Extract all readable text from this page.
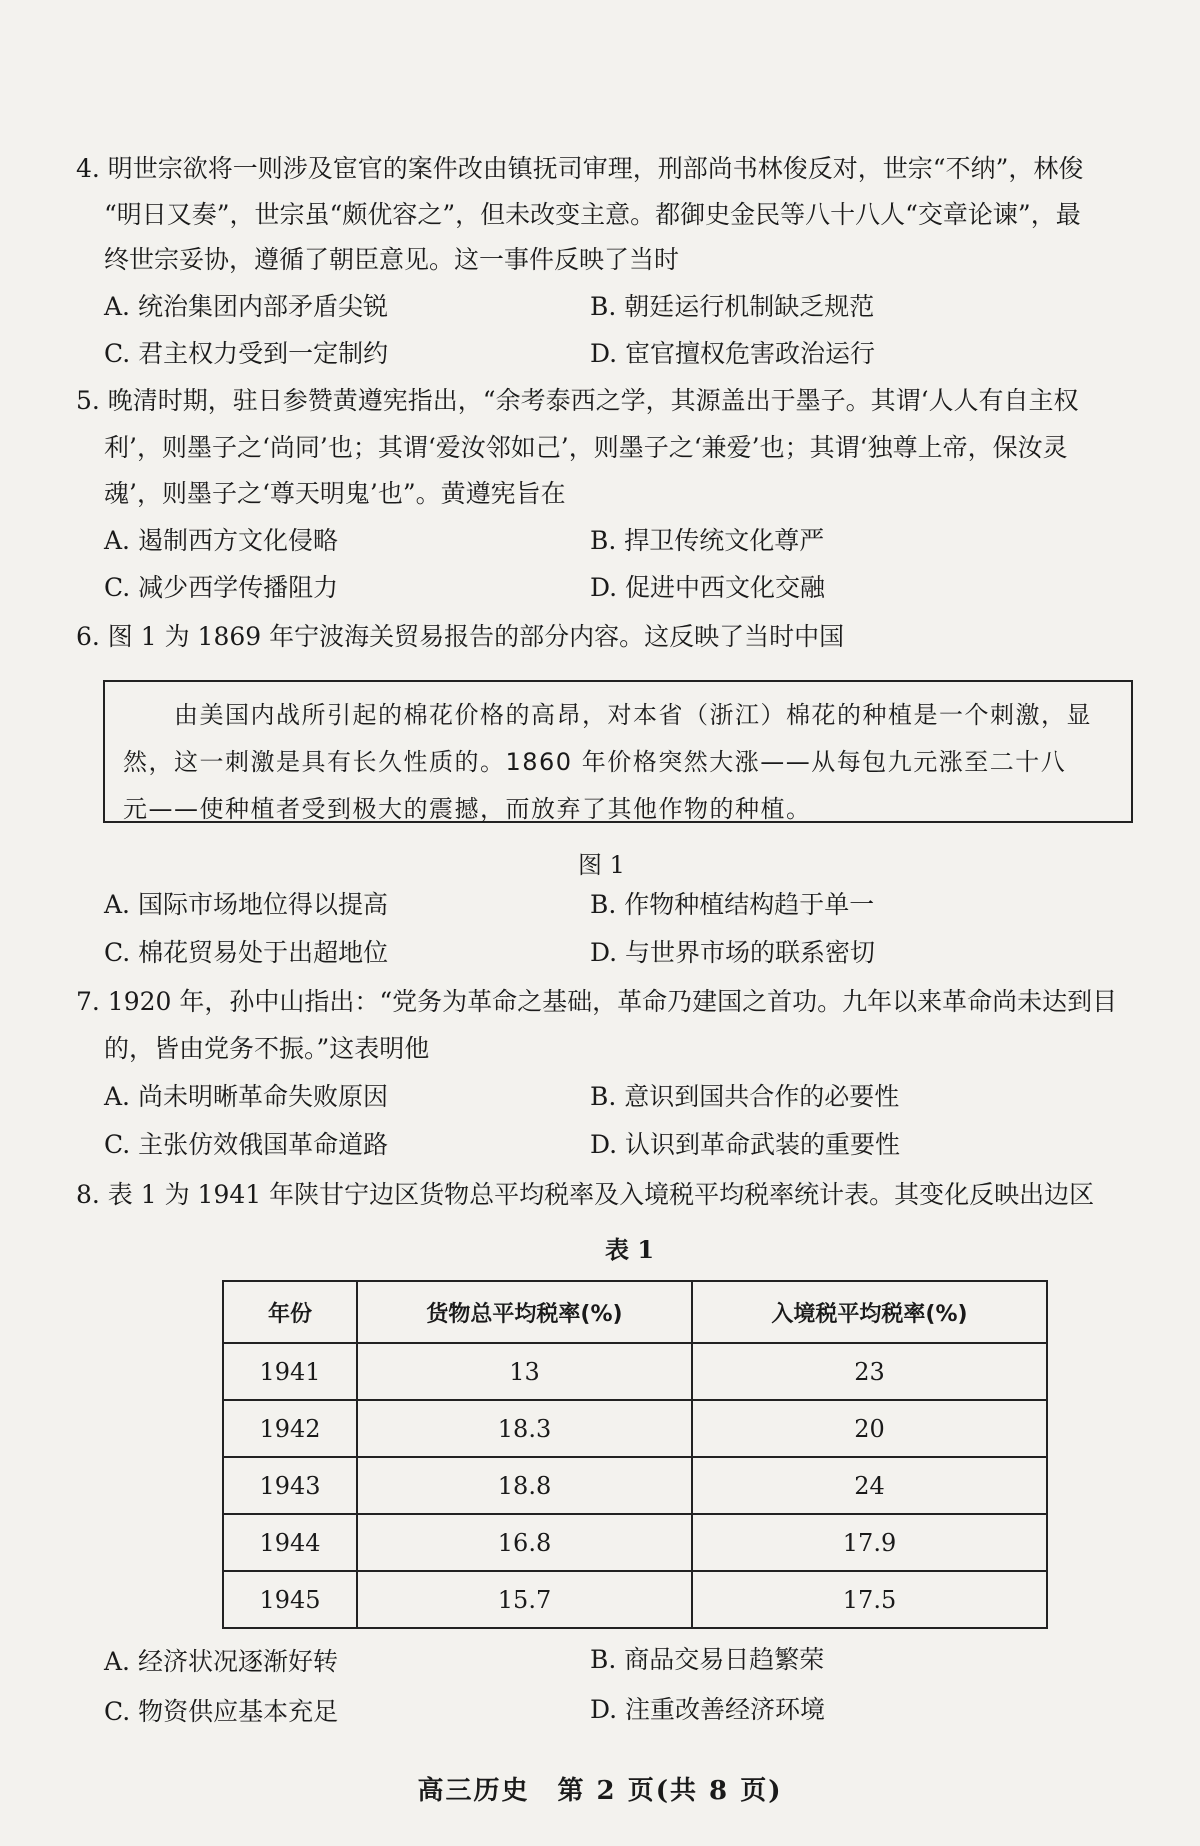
4. 明世宗欲将一则涉及宦官的案件改由镇抚司审理，刑部尚书林俊反对，世宗“不纳”，林俊
“明日又奏”，世宗虽“颇优容之”，但未改变主意。都御史金民等八十八人“交章论谏”，最
终世宗妥协，遵循了朝臣意见。这一事件反映了当时
A. 统治集团内部矛盾尖锐	B. 朝廷运行机制缺乏规范
C. 君主权力受到一定制约	D. 宦官擅权危害政治运行
5. 晚清时期，驻日参赞黄遵宪指出，“余考泰西之学，其源盖出于墨子。其谓‘人人有自主权
利’，则墨子之‘尚同’也；其谓‘爱汝邻如己’，则墨子之‘兼爱’也；其谓‘独尊上帝，保汝灵
魂’，则墨子之‘尊天明鬼’也”。黄遵宪旨在
A. 遏制西方文化侵略	B. 捍卫传统文化尊严
C. 减少西学传播阻力	D. 促进中西文化交融
6. 图 1 为 1869 年宁波海关贸易报告的部分内容。这反映了当时中国
　　由美国内战所引起的棉花价格的高昂，对本省（浙江）棉花的种植是一个刺激，显
然，这一刺激是具有长久性质的。1860 年价格突然大涨——从每包九元涨至二十八
元——使种植者受到极大的震撼，而放弃了其他作物的种植。
图 1
A. 国际市场地位得以提高	B. 作物种植结构趋于单一
C. 棉花贸易处于出超地位	D. 与世界市场的联系密切
7. 1920 年，孙中山指出：“党务为革命之基础，革命乃建国之首功。九年以来革命尚未达到目
的，皆由党务不振。”这表明他
A. 尚未明晰革命失败原因	B. 意识到国共合作的必要性
C. 主张仿效俄国革命道路	D. 认识到革命武装的重要性
8. 表 1 为 1941 年陕甘宁边区货物总平均税率及入境税平均税率统计表。其变化反映出边区
表 1
年份	货物总平均税率(%)	入境税平均税率(%)
1941	13	23
1942	18.3	20
1943	18.8	24
1944	16.8	17.9
1945	15.7	17.5
A. 经济状况逐渐好转	B. 商品交易日趋繁荣
C. 物资供应基本充足	D. 注重改善经济环境
高三历史　第 2 页(共 8 页)
